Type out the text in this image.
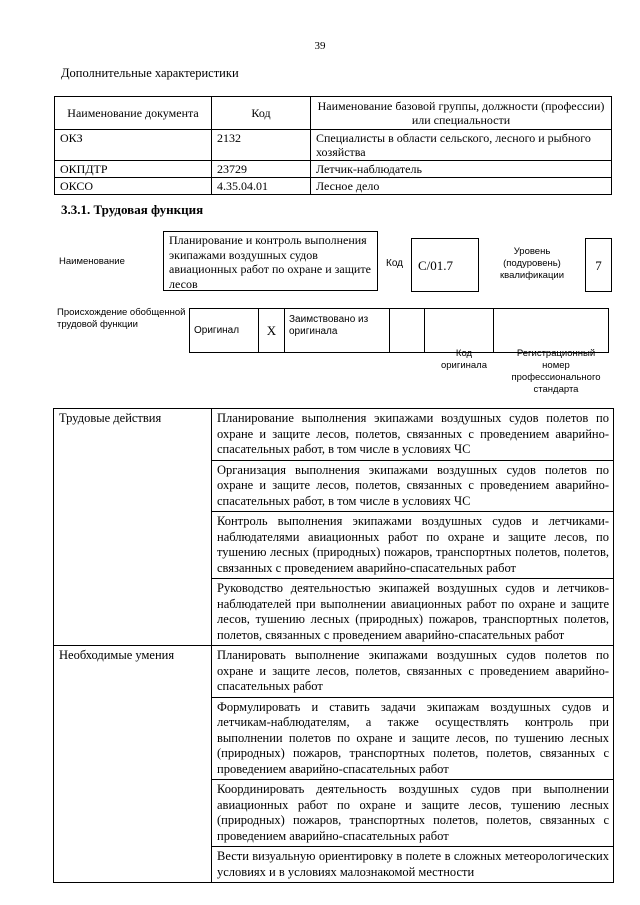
39
Дополнительные характеристики
Наименование документа	Код	Наименование базовой группы, должности (профессии) или специальности
ОКЗ	2132	Специалисты в области сельского, лесного и рыбного хозяйства
ОКПДТР	23729	Летчик-наблюдатель
ОКСО	4.35.04.01	Лесное дело
3.3.1. Трудовая функция
Наименование
Планирование и контроль выполнения экипажами воздушных судов авиационных работ по охране и защите лесов
Код	С/01.7
Уровень (подуровень) квалификации
7
Происхождение обобщенной трудовой функции	Оригинал	Х	Заимствовано из оригинала			
Код оригинала
Регистрационный номер профессионального стандарта
Трудовые действия	Планирование выполнения экипажами воздушных судов полетов по охране и защите лесов, полетов, связанных с проведением аварийно-спасательных работ, в том числе в условиях ЧС
	Организация выполнения экипажами воздушных судов полетов по охране и защите лесов, полетов, связанных с проведением аварийно-спасательных работ, в том числе в условиях ЧС
	Контроль выполнения экипажами воздушных судов и летчиками-наблюдателями авиационных работ по охране и защите лесов, по тушению лесных (природных) пожаров, транспортных полетов, полетов, связанных с проведением аварийно-спасательных работ
	Руководство деятельностью экипажей воздушных судов и летчиков-наблюдателей при выполнении авиационных работ по охране и защите лесов, тушению лесных (природных) пожаров, транспортных полетов, полетов, связанных с проведением аварийно-спасательных работ
Необходимые умения	Планировать выполнение экипажами воздушных судов полетов по охране и защите лесов, полетов, связанных с проведением аварийно-спасательных работ
	Формулировать и ставить задачи экипажам воздушных судов и летчикам-наблюдателям, а также осуществлять контроль при выполнении полетов по охране и защите лесов, по тушению лесных (природных) пожаров, транспортных полетов, полетов, связанных с проведением аварийно-спасательных работ
	Координировать деятельность воздушных судов при выполнении авиационных работ по охране и защите лесов, тушению лесных (природных) пожаров, транспортных полетов, полетов, связанных с проведением аварийно-спасательных работ
	Вести визуальную ориентировку в полете в сложных метеорологических условиях и в условиях малознакомой местности
